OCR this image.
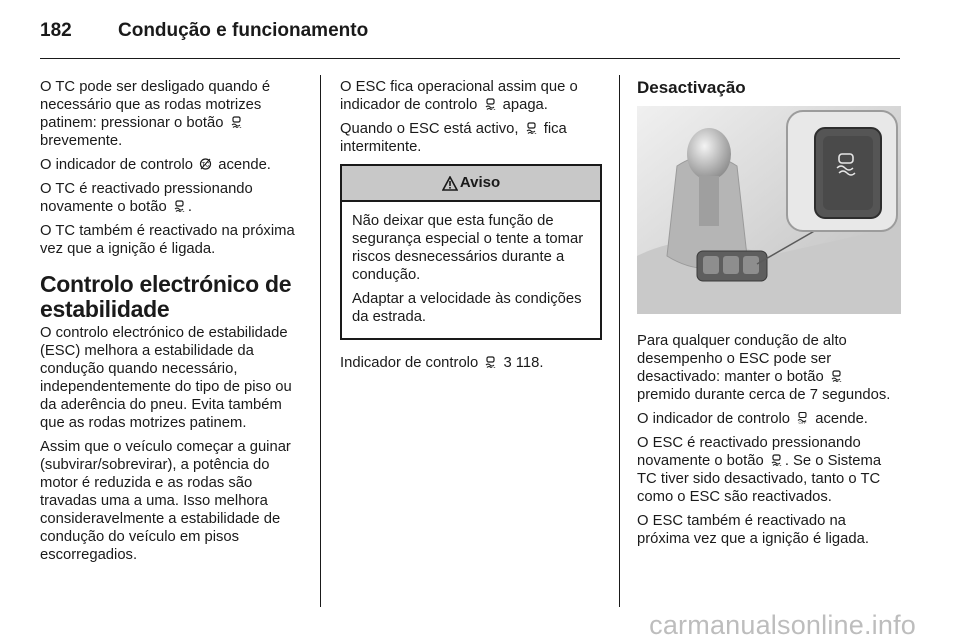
182	Condução e funcionamento

O TC pode ser desligado quando é necessário que as rodas motrizes patinem: pressionar o botão
brevemente.

O indicador de controlo TC acende.

O TC é reactivado pressionando novamente o botão .

O TC também é reactivado na próxima vez que a ignição é ligada.

Controlo electrónico de estabilidade

O controlo electrónico de estabilidade (ESC) melhora a estabilidade da condução quando necessário, independentemente do tipo de piso ou da aderência do pneu. Evita também que as rodas motrizes patinem.

Assim que o veículo começar a guinar (subvirar/sobrevirar), a potência do motor é reduzida e as rodas são travadas uma a uma. Isso melhora consideravelmente a estabilidade de condução do veículo em pisos escorregadios.

O ESC fica operacional assim que o indicador de controlo apaga.

Quando o ESC está activo, fica intermitente.

Aviso

Não deixar que esta função de segurança especial o tente a tomar riscos desnecessários durante a condução.

Adaptar a velocidade às condições da estrada.

Indicador de controlo 3 118.

Desactivação

Para qualquer condução de alto desempenho o ESC pode ser desactivado: manter o botão
premido durante cerca de 7 segundos.

O indicador de controlo OFF acende.

O ESC é reactivado pressionando novamente o botão . Se o Sistema TC tiver sido desactivado, tanto o TC como o ESC são reactivados.

O ESC também é reactivado na próxima vez que a ignição é ligada.

carmanualsonline.info
